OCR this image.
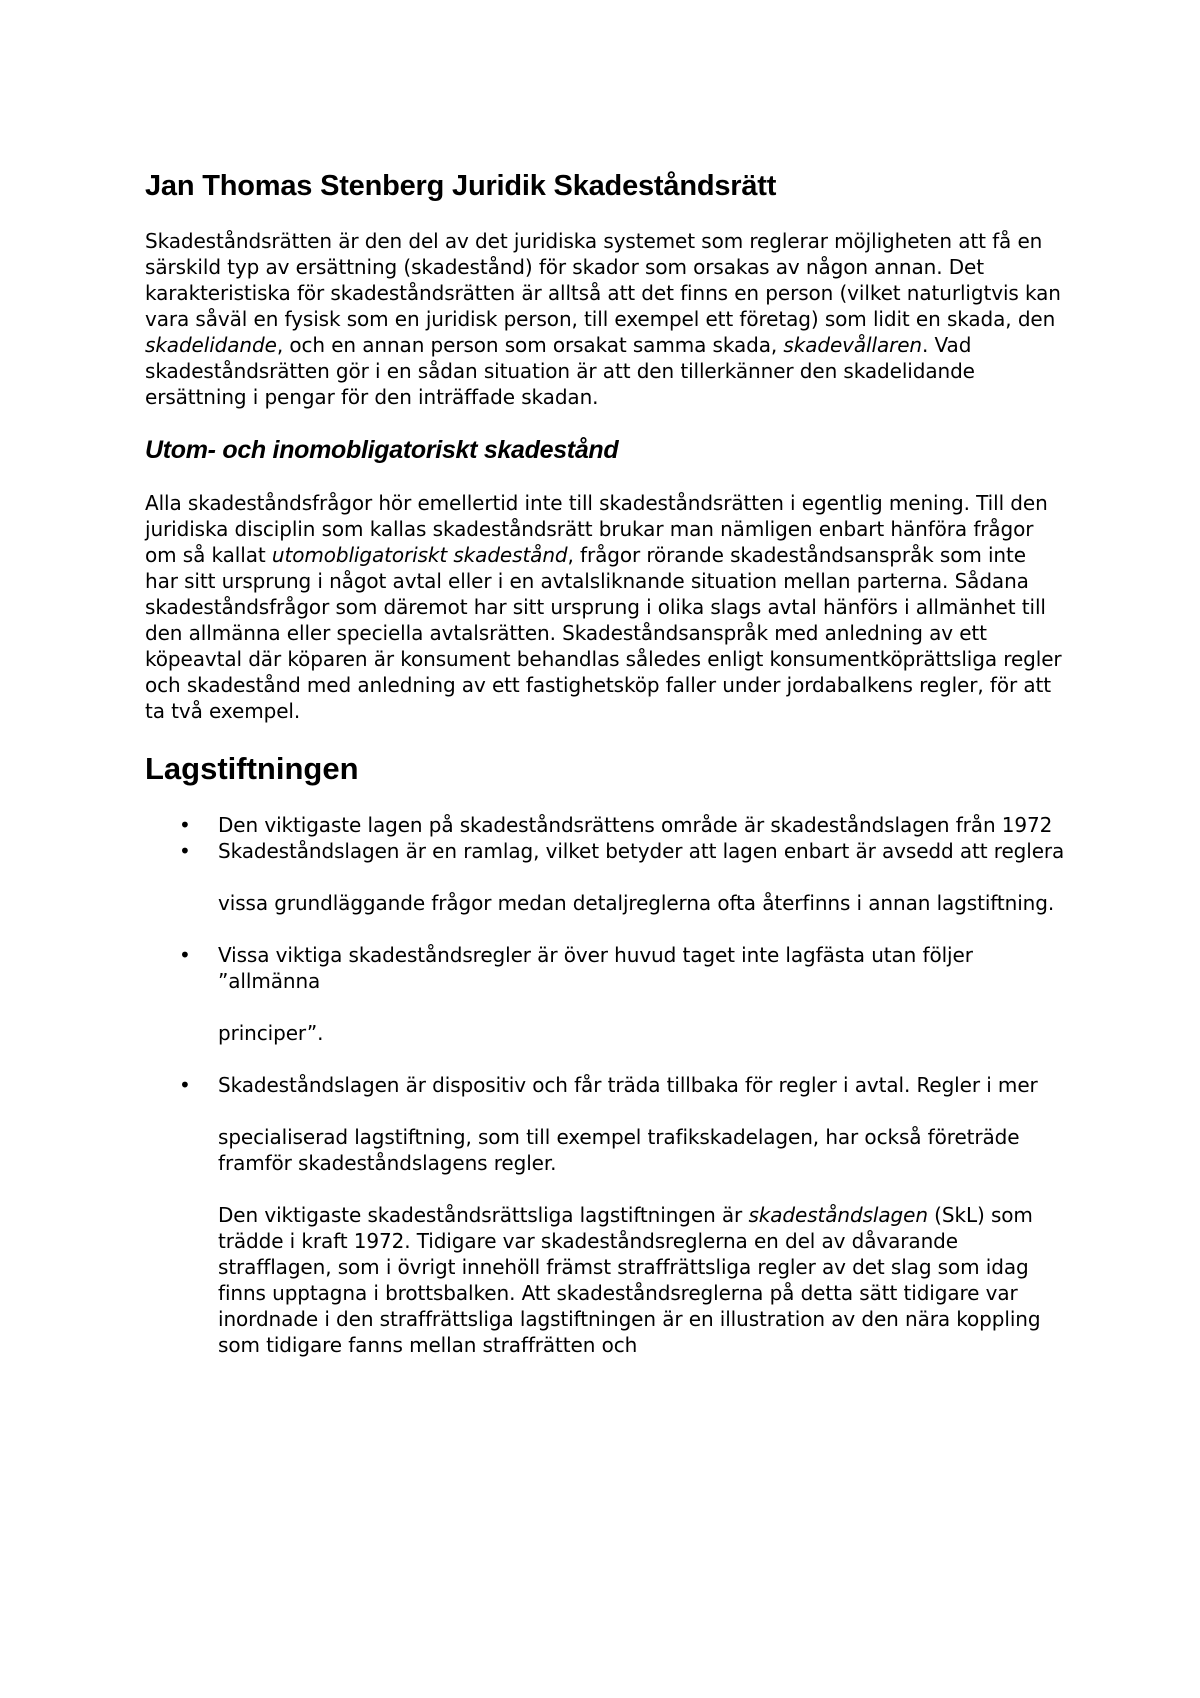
Jan Thomas Stenberg Juridik Skadeståndsrätt

Skadeståndsrätten är den del av det juridiska systemet som reglerar möjligheten att få en särskild typ av ersättning (skadestånd) för skador som orsakas av någon annan. Det karakteristiska för skadeståndsrätten är alltså att det finns en person (vilket naturligtvis kan vara såväl en fysisk som en juridisk person, till exempel ett företag) som lidit en skada, den skadelidande, och en annan person som orsakat samma skada, skadevållaren. Vad skadeståndsrätten gör i en sådan situation är att den tillerkänner den skadelidande ersättning i pengar för den inträffade skadan.

Utom- och inomobligatoriskt skadestånd

Alla skadeståndsfrågor hör emellertid inte till skadeståndsrätten i egentlig mening. Till den juridiska disciplin som kallas skadeståndsrätt brukar man nämligen enbart hänföra frågor om så kallat utomobligatoriskt skadestånd, frågor rörande skadeståndsanspråk som inte har sitt ursprung i något avtal eller i en avtalsliknande situation mellan parterna. Sådana skadeståndsfrågor som däremot har sitt ursprung i olika slags avtal hänförs i allmänhet till den allmänna eller speciella avtalsrätten. Skadeståndsanspråk med anledning av ett köpeavtal där köparen är konsument behandlas således enligt konsumentköprättsliga regler och skadestånd med anledning av ett fastighetsköp faller under jordabalkens regler, för att ta två exempel.

Lagstiftningen
• Den viktigaste lagen på skadeståndsrättens område är skadeståndslagen från 1972
• Skadeståndslagen är en ramlag, vilket betyder att lagen enbart är avsedd att reglera

vissa grundläggande frågor medan detaljreglerna ofta återfinns i annan lagstiftning.

• Vissa viktiga skadeståndsregler är över huvud taget inte lagfästa utan följer ”allmänna

principer”.

• Skadeståndslagen är dispositiv och får träda tillbaka för regler i avtal. Regler i mer

specialiserad lagstiftning, som till exempel trafikskadelagen, har också företräde framför skadeståndslagens regler.

Den viktigaste skadeståndsrättsliga lagstiftningen är skadeståndslagen (SkL) som trädde i kraft 1972. Tidigare var skadeståndsreglerna en del av dåvarande strafflagen, som i övrigt innehöll främst straffrättsliga regler av det slag som idag finns upptagna i brottsbalken. Att skadeståndsreglerna på detta sätt tidigare var inordnade i den straffrättsliga lagstiftningen är en illustration av den nära koppling som tidigare fanns mellan straffrätten och
